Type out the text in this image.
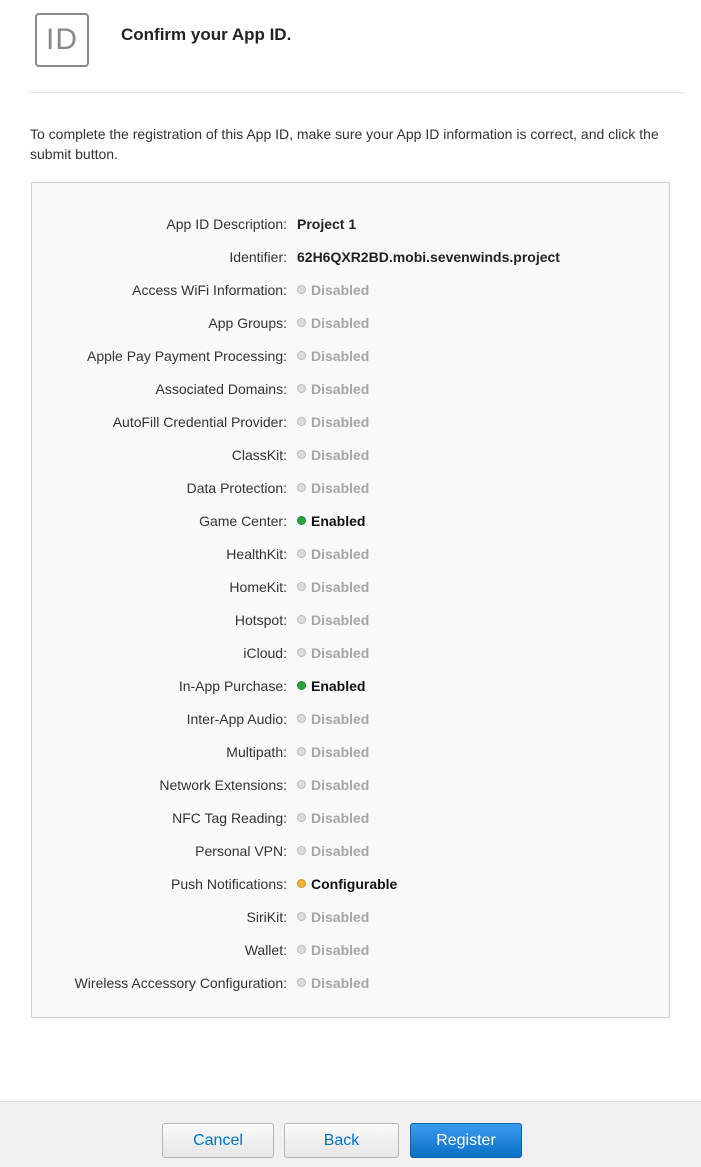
ID	Confirm your App ID.
To complete the registration of this App ID, make sure your App ID information is correct, and click the submit button.
App ID Description: Project 1
Identifier: 62H6QXR2BD.mobi.sevenwinds.project
Access WiFi Information: Disabled
App Groups: Disabled
Apple Pay Payment Processing: Disabled
Associated Domains: Disabled
AutoFill Credential Provider: Disabled
ClassKit: Disabled
Data Protection: Disabled
Game Center: Enabled
HealthKit: Disabled
HomeKit: Disabled
Hotspot: Disabled
iCloud: Disabled
In-App Purchase: Enabled
Inter-App Audio: Disabled
Multipath: Disabled
Network Extensions: Disabled
NFC Tag Reading: Disabled
Personal VPN: Disabled
Push Notifications: Configurable
SiriKit: Disabled
Wallet: Disabled
Wireless Accessory Configuration: Disabled
Cancel	Back	Register
